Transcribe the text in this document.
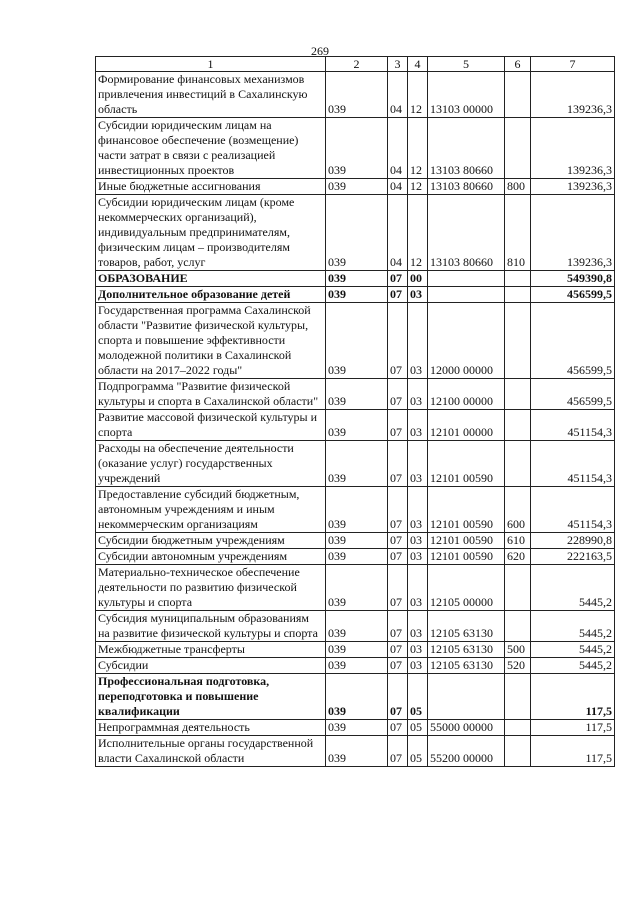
269
1	2	3	4	5	6	7
Формирование финансовых механизмов привлечения инвестиций в Сахалинскую область	039	04	12	13103 00000		139236,3
Субсидии юридическим лицам на финансовое обеспечение (возмещение) части затрат в связи с реализацией инвестиционных проектов	039	04	12	13103 80660		139236,3
Иные бюджетные ассигнования	039	04	12	13103 80660	800	139236,3
Субсидии юридическим лицам (кроме некоммерческих организаций), индивидуальным предпринимателям, физическим лицам – производителям товаров, работ, услуг	039	04	12	13103 80660	810	139236,3
ОБРАЗОВАНИЕ	039	07	00			549390,8
Дополнительное образование детей	039	07	03			456599,5
Государственная программа Сахалинской области "Развитие физической культуры, спорта и повышение эффективности молодежной политики в Сахалинской области на 2017–2022 годы"	039	07	03	12000 00000		456599,5
Подпрограмма "Развитие физической культуры и спорта в Сахалинской области"	039	07	03	12100 00000		456599,5
Развитие массовой физической культуры и спорта	039	07	03	12101 00000		451154,3
Расходы на обеспечение деятельности (оказание услуг) государственных учреждений	039	07	03	12101 00590		451154,3
Предоставление субсидий бюджетным, автономным учреждениям и иным некоммерческим организациям	039	07	03	12101 00590	600	451154,3
Субсидии бюджетным учреждениям	039	07	03	12101 00590	610	228990,8
Субсидии автономным учреждениям	039	07	03	12101 00590	620	222163,5
Материально-техническое обеспечение деятельности по развитию физической культуры и спорта	039	07	03	12105 00000		5445,2
Субсидия муниципальным образованиям на развитие физической культуры и спорта	039	07	03	12105 63130		5445,2
Межбюджетные трансферты	039	07	03	12105 63130	500	5445,2
Субсидии	039	07	03	12105 63130	520	5445,2
Профессиональная подготовка, переподготовка и повышение квалификации	039	07	05			117,5
Непрограммная деятельность	039	07	05	55000 00000		117,5
Исполнительные органы государственной власти Сахалинской области	039	07	05	55200 00000		117,5
